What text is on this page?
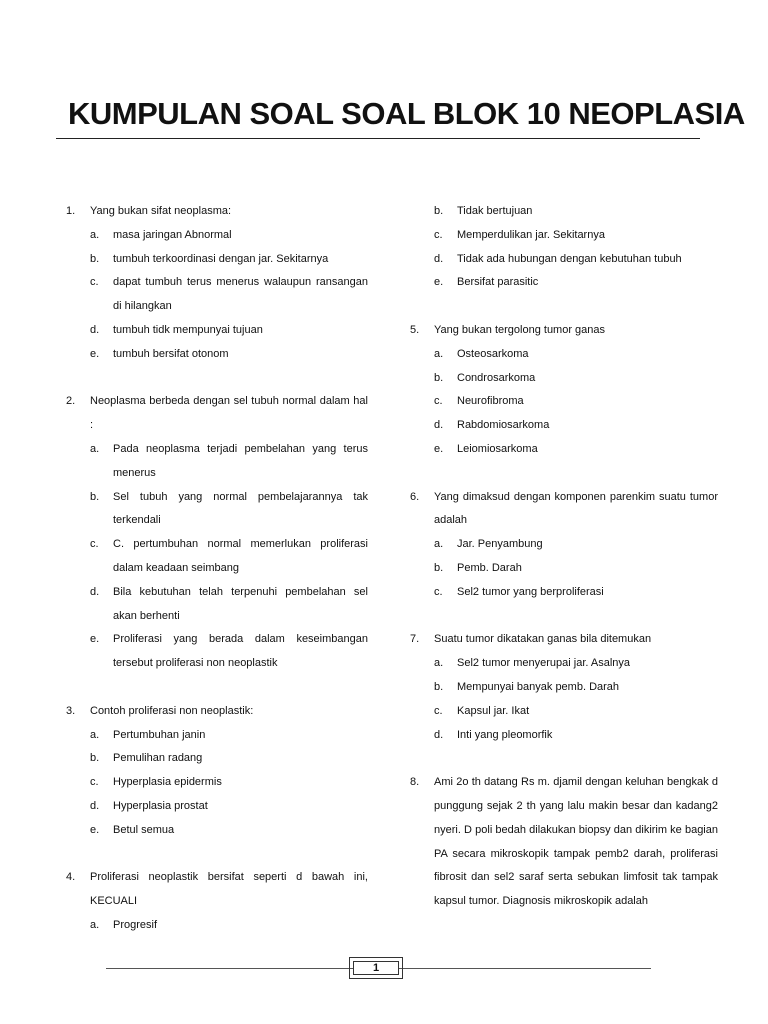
KUMPULAN SOAL SOAL BLOK 10 NEOPLASIA
1.	Yang bukan sifat neoplasma:
a.	masa jaringan Abnormal
b.	tumbuh terkoordinasi dengan jar. Sekitarnya
c.	dapat tumbuh terus menerus walaupun ransangan di hilangkan
d.	tumbuh tidk mempunyai tujuan
e.	tumbuh bersifat otonom
2.	Neoplasma berbeda dengan sel tubuh normal dalam hal :
a.	Pada neoplasma terjadi pembelahan yang terus menerus
b.	Sel tubuh yang normal pembelajarannya tak terkendali
c.	C. pertumbuhan normal memerlukan proliferasi dalam keadaan seimbang
d.	Bila kebutuhan telah terpenuhi pembelahan sel akan berhenti
e.	Proliferasi yang berada dalam keseimbangan tersebut proliferasi non neoplastik
3.	Contoh proliferasi non neoplastik:
a.	Pertumbuhan janin
b.	Pemulihan radang
c.	Hyperplasia epidermis
d.	Hyperplasia prostat
e.	Betul semua
4.	Proliferasi neoplastik bersifat seperti d bawah ini, KECUALI
a.	Progresif
b.	Tidak bertujuan
c.	Memperdulikan jar. Sekitarnya
d.	Tidak ada hubungan dengan kebutuhan tubuh
e.	Bersifat parasitic
5.	Yang bukan tergolong tumor ganas
a.	Osteosarkoma
b.	Condrosarkoma
c.	Neurofibroma
d.	Rabdomiosarkoma
e.	Leiomiosarkoma
6.	Yang dimaksud dengan komponen parenkim suatu tumor adalah
a.	Jar. Penyambung
b.	Pemb. Darah
c.	Sel2 tumor yang berproliferasi
7.	Suatu tumor dikatakan ganas bila ditemukan
a.	Sel2 tumor menyerupai jar. Asalnya
b.	Mempunyai banyak pemb. Darah
c.	Kapsul jar. Ikat
d.	Inti yang pleomorfik
8.	Ami 2o th datang Rs m. djamil dengan keluhan bengkak d punggung sejak 2 th yang lalu makin besar dan kadang2 nyeri. D poli bedah dilakukan biopsy dan dikirim ke bagian PA secara mikroskopik tampak pemb2 darah, proliferasi fibrosit dan sel2 saraf serta sebukan limfosit tak tampak kapsul tumor. Diagnosis mikroskopik adalah
1
